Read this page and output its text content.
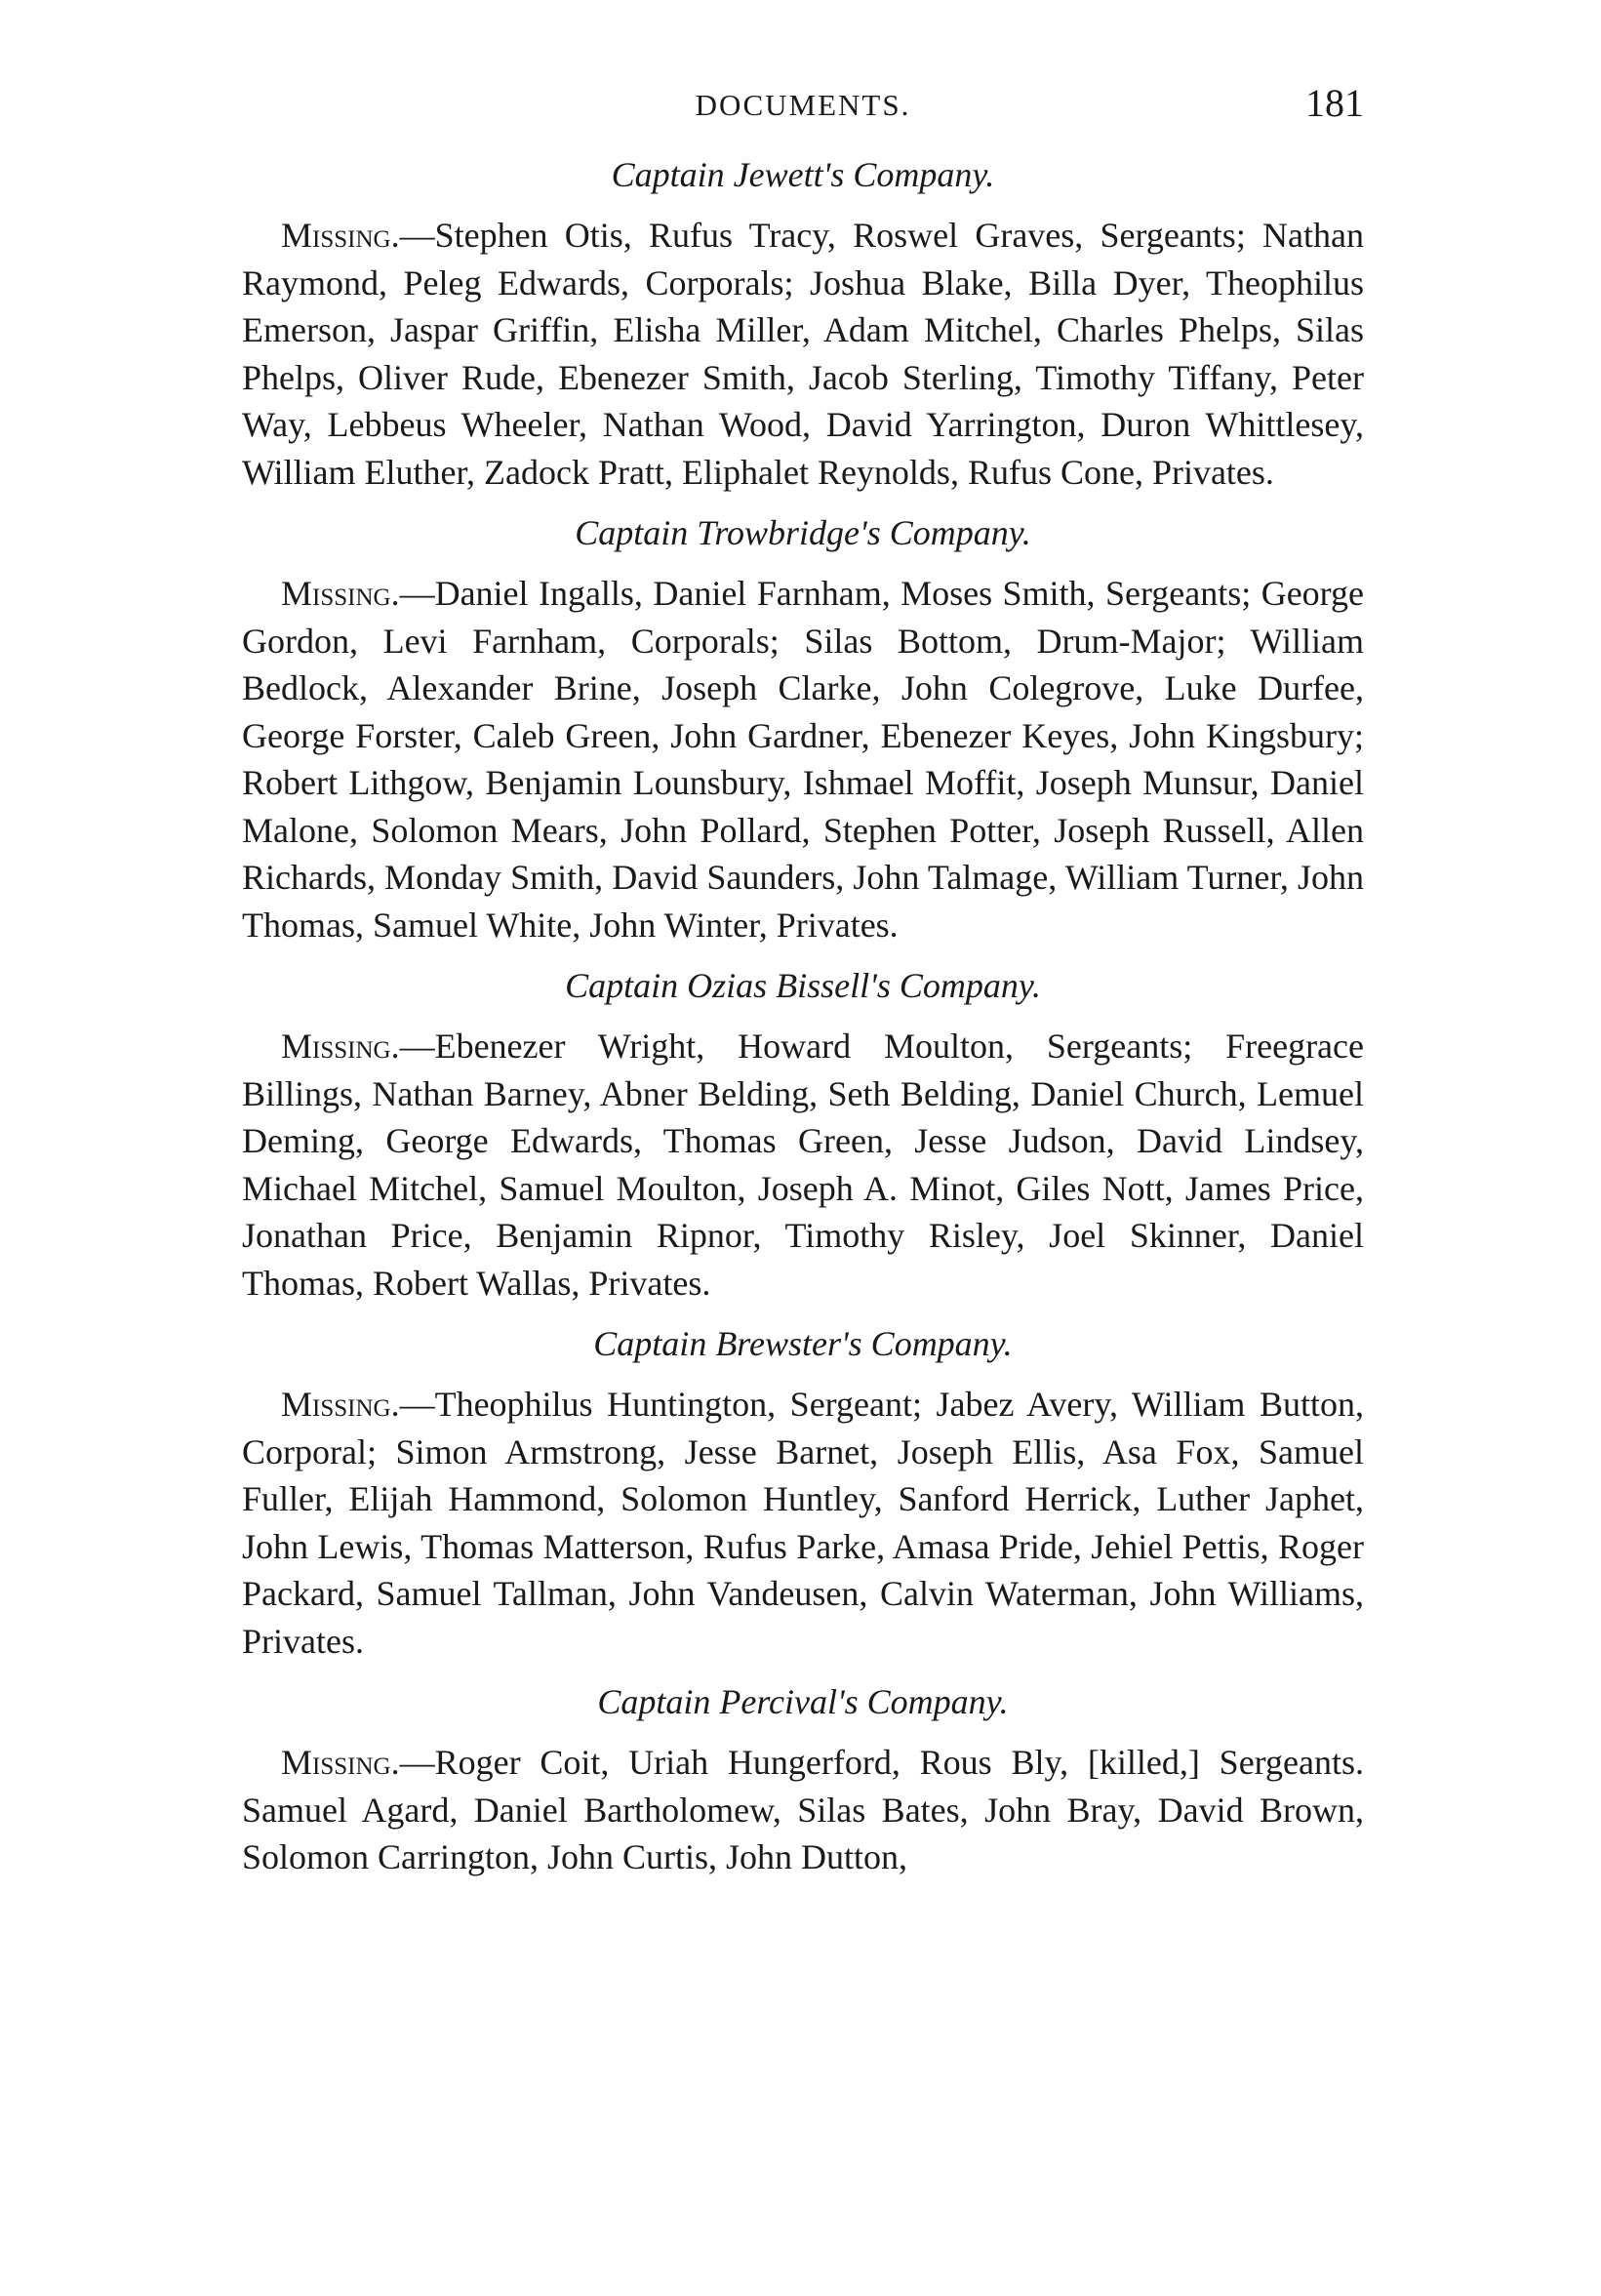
DOCUMENTS.	181

Captain Jewett's Company.

Missing.—Stephen Otis, Rufus Tracy, Roswel Graves, Sergeants; Nathan Raymond, Peleg Edwards, Corporals; Joshua Blake, Billa Dyer, Theophilus Emerson, Jaspar Griffin, Elisha Miller, Adam Mitchel, Charles Phelps, Silas Phelps, Oliver Rude, Ebenezer Smith, Jacob Sterling, Timothy Tiffany, Peter Way, Lebbeus Wheeler, Nathan Wood, David Yarrington, Duron Whittlesey, William Eluther, Zadock Pratt, Eliphalet Reynolds, Rufus Cone, Privates.

Captain Trowbridge's Company.

Missing.—Daniel Ingalls, Daniel Farnham, Moses Smith, Sergeants; George Gordon, Levi Farnham, Corporals; Silas Bottom, Drum-Major; William Bedlock, Alexander Brine, Joseph Clarke, John Colegrove, Luke Durfee, George Forster, Caleb Green, John Gardner, Ebenezer Keyes, John Kingsbury; Robert Lithgow, Benjamin Lounsbury, Ishmael Moffit, Joseph Munsur, Daniel Malone, Solomon Mears, John Pollard, Stephen Potter, Joseph Russell, Allen Richards, Monday Smith, David Saunders, John Talmage, William Turner, John Thomas, Samuel White, John Winter, Privates.

Captain Ozias Bissell's Company.

Missing.—Ebenezer Wright, Howard Moulton, Sergeants; Freegrace Billings, Nathan Barney, Abner Belding, Seth Belding, Daniel Church, Lemuel Deming, George Edwards, Thomas Green, Jesse Judson, David Lindsey, Michael Mitchel, Samuel Moulton, Joseph A. Minot, Giles Nott, James Price, Jonathan Price, Benjamin Ripnor, Timothy Risley, Joel Skinner, Daniel Thomas, Robert Wallas, Privates.

Captain Brewster's Company.

Missing.—Theophilus Huntington, Sergeant; Jabez Avery, William Button, Corporal; Simon Armstrong, Jesse Barnet, Joseph Ellis, Asa Fox, Samuel Fuller, Elijah Hammond, Solomon Huntley, Sanford Herrick, Luther Japhet, John Lewis, Thomas Matterson, Rufus Parke, Amasa Pride, Jehiel Pettis, Roger Packard, Samuel Tallman, John Vandeusen, Calvin Waterman, John Williams, Privates.

Captain Percival's Company.

Missing.—Roger Coit, Uriah Hungerford, Rous Bly, [killed,] Sergeants. Samuel Agard, Daniel Bartholomew, Silas Bates, John Bray, David Brown, Solomon Carrington, John Curtis, John Dutton,
